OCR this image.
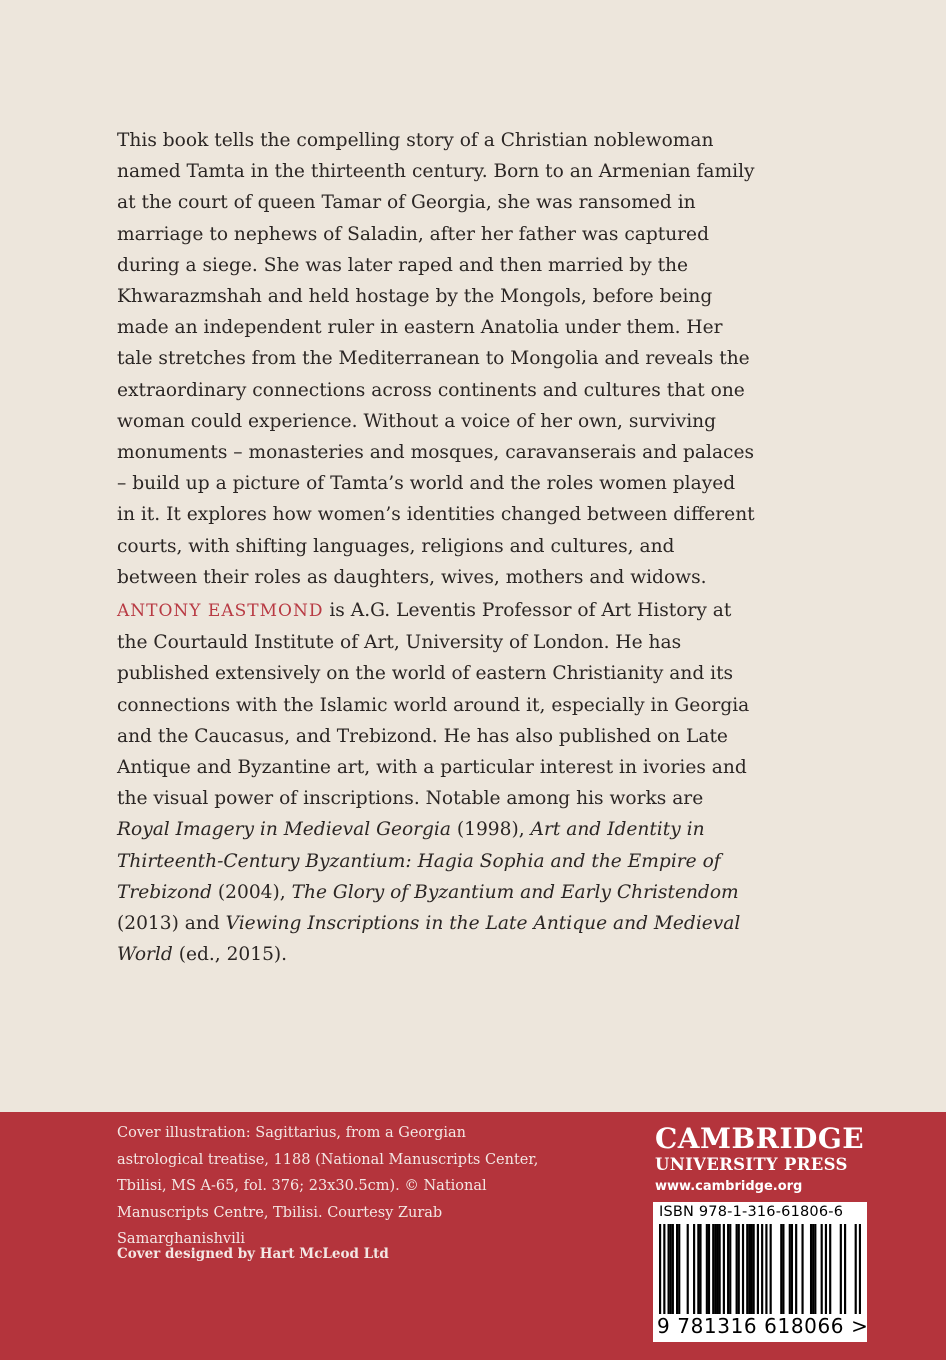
This book tells the compelling story of a Christian noblewoman named Tamta in the thirteenth century. Born to an Armenian family at the court of queen Tamar of Georgia, she was ransomed in marriage to nephews of Saladin, after her father was captured during a siege. She was later raped and then married by the Khwarazmshah and held hostage by the Mongols, before being made an independent ruler in eastern Anatolia under them. Her tale stretches from the Mediterranean to Mongolia and reveals the extraordinary connections across continents and cultures that one woman could experience. Without a voice of her own, surviving monuments – monasteries and mosques, caravanserais and palaces – build up a picture of Tamta’s world and the roles women played in it. It explores how women’s identities changed between different courts, with shifting languages, religions and cultures, and between their roles as daughters, wives, mothers and widows.

ANTONY EASTMOND is A.G. Leventis Professor of Art History at the Courtauld Institute of Art, University of London. He has published extensively on the world of eastern Christianity and its connections with the Islamic world around it, especially in Georgia and the Caucasus, and Trebizond. He has also published on Late Antique and Byzantine art, with a particular interest in ivories and the visual power of inscriptions. Notable among his works are Royal Imagery in Medieval Georgia (1998), Art and Identity in Thirteenth-Century Byzantium: Hagia Sophia and the Empire of Trebizond (2004), The Glory of Byzantium and Early Christendom (2013) and Viewing Inscriptions in the Late Antique and Medieval World (ed., 2015).

Cover illustration: Sagittarius, from a Georgian astrological treatise, 1188 (National Manuscripts Center, Tbilisi, MS A-65, fol. 376; 23x30.5cm). © National Manuscripts Centre, Tbilisi. Courtesy Zurab Samarghanishvili

Cover designed by Hart McLeod Ltd

CAMBRIDGE
UNIVERSITY PRESS
www.cambridge.org
ISBN 978-1-316-61806-6
9 781316 618066 >
